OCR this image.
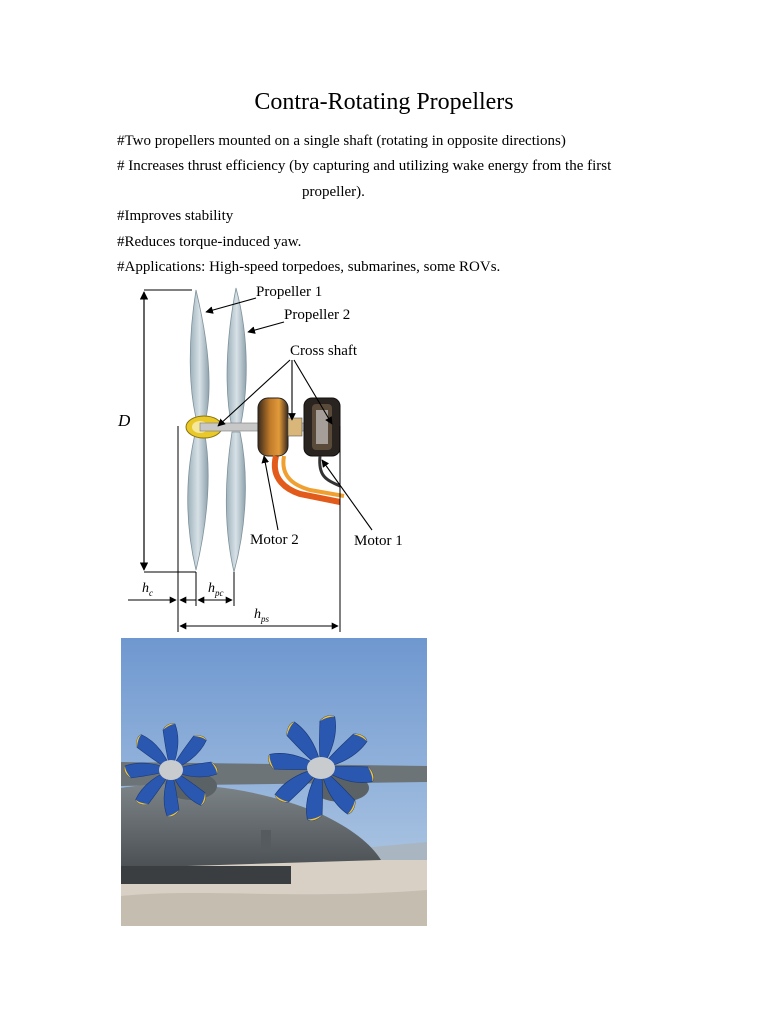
Contra-Rotating Propellers
#Two propellers mounted on a single shaft (rotating in opposite directions)
# Increases thrust efficiency (by capturing and utilizing wake energy from the first
propeller).
#Improves stability
#Reduces torque-induced yaw.
#Applications: High-speed torpedoes, submarines, some ROVs.
D
$h_c$	$h_{pc}$
$h_{ps}$
Propeller 1
Propeller 2
Cross shaft
Motor 2	Motor 1
